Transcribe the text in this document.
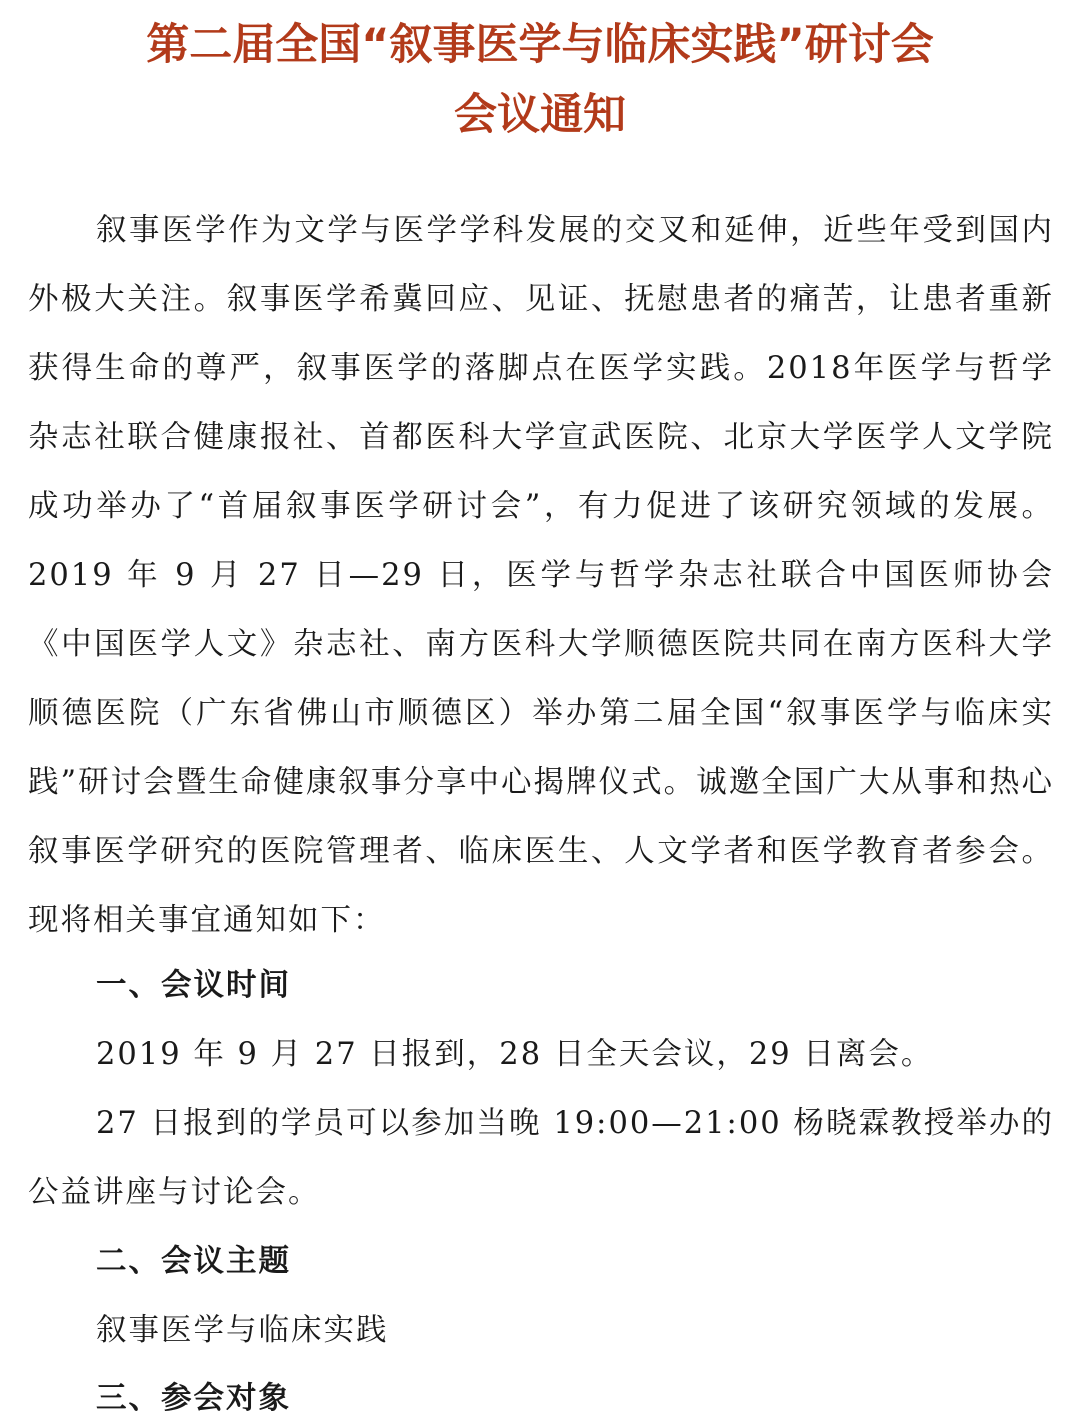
第二届全国“叙事医学与临床实践”研讨会
会议通知

叙事医学作为文学与医学学科发展的交叉和延伸，近些年受到国内外极大关注。叙事医学希冀回应、见证、抚慰患者的痛苦，让患者重新获得生命的尊严，叙事医学的落脚点在医学实践。2018年医学与哲学杂志社联合健康报社、首都医科大学宣武医院、北京大学医学人文学院成功举办了“首届叙事医学研讨会”，有力促进了该研究领域的发展。2019 年 9 月 27 日—29 日，医学与哲学杂志社联合中国医师协会《中国医学人文》杂志社、南方医科大学顺德医院共同在南方医科大学顺德医院（广东省佛山市顺德区）举办第二届全国“叙事医学与临床实践”研讨会暨生命健康叙事分享中心揭牌仪式。诚邀全国广大从事和热心叙事医学研究的医院管理者、临床医生、人文学者和医学教育者参会。现将相关事宜通知如下：

一、会议时间

2019 年 9 月 27 日报到，28 日全天会议，29 日离会。

27 日报到的学员可以参加当晚 19:00—21:00 杨晓霖教授举办的公益讲座与讨论会。

二、会议主题

叙事医学与临床实践

三、参会对象
